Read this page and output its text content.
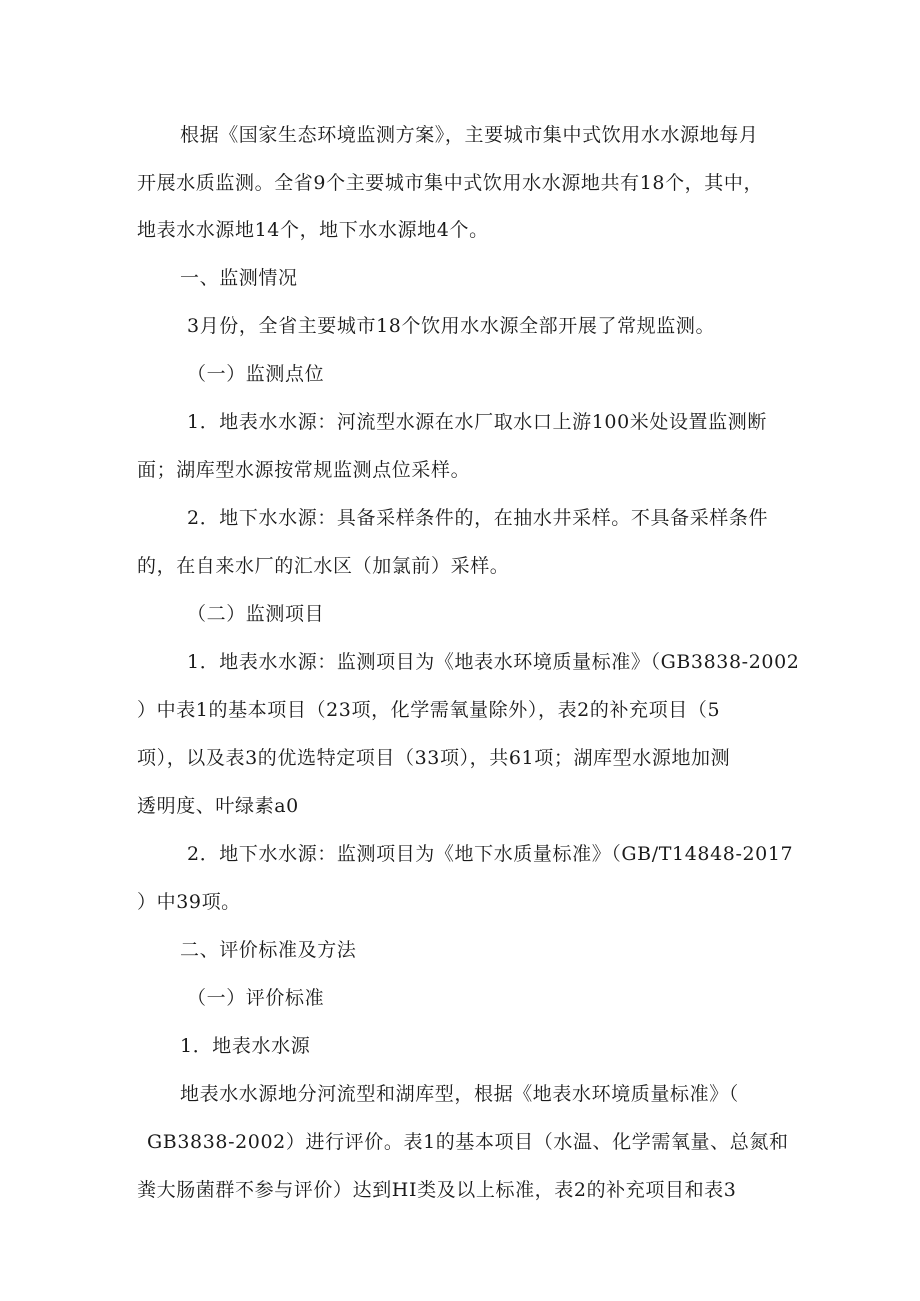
根据《国家生态环境监测方案》，主要城市集中式饮用水水源地每月
开展水质监测。全省9个主要城市集中式饮用水水源地共有18个，其中，
地表水水源地14个，地下水水源地4个。
一、监测情况
3月份，全省主要城市18个饮用水水源全部开展了常规监测。
（一）监测点位
1．地表水水源：河流型水源在水厂取水口上游100米处设置监测断
面；湖库型水源按常规监测点位采样。
2．地下水水源：具备采样条件的，在抽水井采样。不具备采样条件
的，在自来水厂的汇水区（加氯前）采样。
（二）监测项目
1．地表水水源：监测项目为《地表水环境质量标准》（GB3838-2002
）中表1的基本项目（23项，化学需氧量除外），表2的补充项目（5
项），以及表3的优选特定项目（33项），共61项；湖库型水源地加测
透明度、叶绿素a0
2．地下水水源：监测项目为《地下水质量标准》（GB/T14848-2017
）中39项。
二、评价标准及方法
（一）评价标准
1．地表水水源
地表水水源地分河流型和湖库型，根据《地表水环境质量标准》（
GB3838-2002）进行评价。表1的基本项目（水温、化学需氧量、总氮和
粪大肠菌群不参与评价）达到HI类及以上标准，表2的补充项目和表3
